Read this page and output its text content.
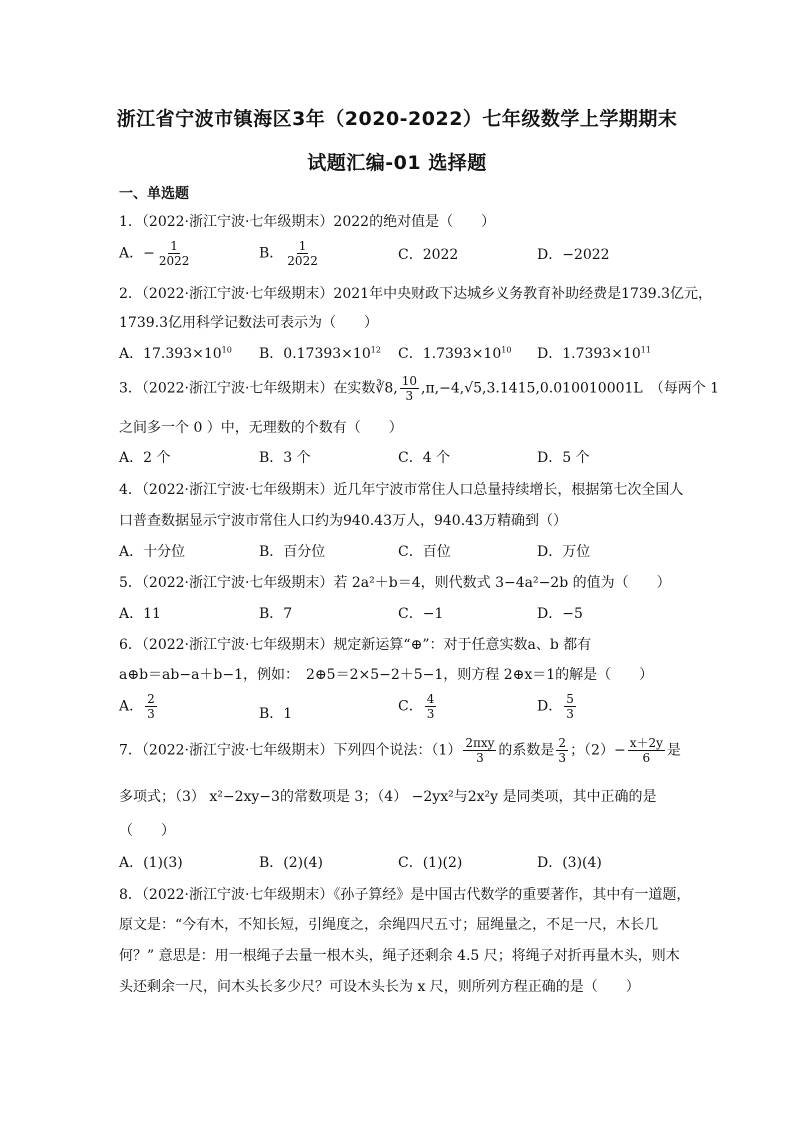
浙江省宁波市镇海区3年（2020-2022）七年级数学上学期期末
试题汇编-01 选择题
一、单选题
1．（2022·浙江宁波·七年级期末）2022的绝对值是（　　）
A．− $\frac{1}{2022}$	B． $\frac{1}{2022}$	C．2022	D．−2022
2．（2022·浙江宁波·七年级期末）2021年中央财政下达城乡义务教育补助经费是1739.3亿元，
1739.3亿用科学记数法可表示为（　　）
A．$17.393\times 10^{10}$ B．$0.17393\times 10^{12}$ C．$1.7393\times 10^{10}$ D．$1.7393\times 10^{11}$
3．（2022·浙江宁波·七年级期末）在实数∛8, $\frac{10}{3} ,\pi,-4,√5,3.1415,0.010010001L$　（每两个 1
之间多一个 0 ）中，无理数的个数有（　　）
A．2 个	B．3 个	C．4 个	D．5 个
4．（2022·浙江宁波·七年级期末）近几年宁波市常住人口总量持续增长，根据第七次全国人
口普查数据显示宁波市常住人口约为940.43万人，940.43万精确到（）
A．十分位	B．百分位	C．百位	D．万位
5．（2022·浙江宁波·七年级期末）若 2a²＋b＝4，则代数式 3−4a²−2b 的值为（　　）
A．11	B．7	C．−1	D．−5
6．（2022·浙江宁波·七年级期末）规定新运算“⊕”：对于任意实数a、b 都有
a⊕b＝ab−a＋b−1，例如：　2⊕5＝2×5−2＋5−1，则方程 2⊕x＝1的解是（　　）
A． $\frac{2}{3}$	B．1	C． $\frac{4}{3}$	D． $\frac{5}{3}$
7．（2022·浙江宁波·七年级期末）下列四个说法：$(1) \frac{\text{2πxy}}{3}$ 的系数是 $\frac{2}{3}$ ；$(2)- \frac{x+2y}{6}$ 是
多项式；（3） x²−2xy−3的常数项是 3；（4） −2yx²与2x²y 是同类项，其中正确的是
（　　）
A．(1)(3)	B．(2)(4)	C．(1)(2)	D．(3)(4)
8．（2022·浙江宁波·七年级期末）《孙子算经》是中国古代数学的重要著作，其中有一道题，
原文是：“今有木，不知长短，引绳度之，余绳四尺五寸；屈绳量之，不足一尺，木长几
何？” 意思是：用一根绳子去量一根木头，绳子还剩余 4.5 尺；将绳子对折再量木头，则木
头还剩余一尺，问木头长多少尺？可设木头长为 x 尺，则所列方程正确的是（　　）
